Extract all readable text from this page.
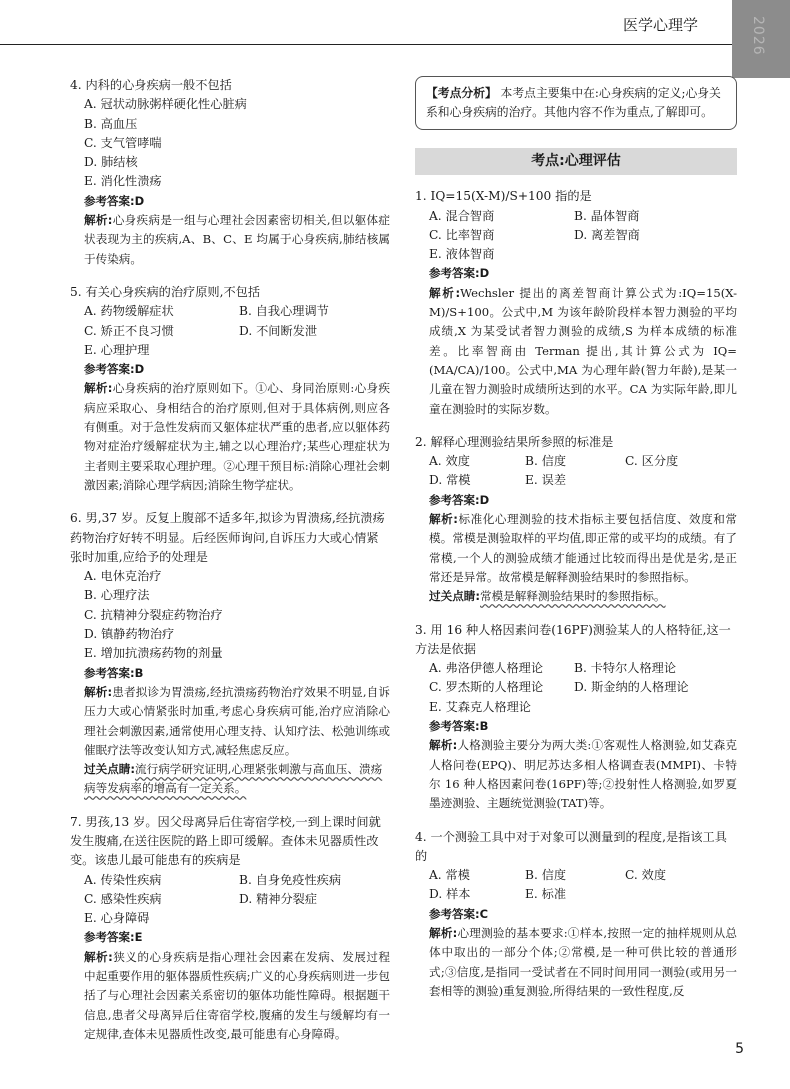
医学心理学	2026
4. 内科的心身疾病一般不包括
A. 冠状动脉粥样硬化性心脏病
B. 高血压
C. 支气管哮喘
D. 肺结核
E. 消化性溃疡
参考答案:D
解析:心身疾病是一组与心理社会因素密切相关,但以躯体症状表现为主的疾病,A、B、C、E 均属于心身疾病,肺结核属于传染病。
5. 有关心身疾病的治疗原则,不包括
A. 药物缓解症状	B. 自我心理调节
C. 矫正不良习惯	D. 不间断发泄
E. 心理护理
参考答案:D
解析:心身疾病的治疗原则如下。①心、身同治原则:心身疾病应采取心、身相结合的治疗原则,但对于具体病例,则应各有侧重。对于急性发病而又躯体症状严重的患者,应以躯体药物对症治疗缓解症状为主,辅之以心理治疗;某些心理症状为主者则主要采取心理护理。②心理干预目标:消除心理社会刺激因素;消除心理学病因;消除生物学症状。
6. 男,37 岁。反复上腹部不适多年,拟诊为胃溃疡,经抗溃疡药物治疗好转不明显。后经医师询问,自诉压力大或心情紧张时加重,应给予的处理是
A. 电休克治疗
B. 心理疗法
C. 抗精神分裂症药物治疗
D. 镇静药物治疗
E. 增加抗溃疡药物的剂量
参考答案:B
解析:患者拟诊为胃溃疡,经抗溃疡药物治疗效果不明显,自诉压力大或心情紧张时加重,考虑心身疾病可能,治疗应消除心理社会刺激因素,通常使用心理支持、认知疗法、松弛训练或催眠疗法等改变认知方式,减轻焦虑反应。
过关点睛:流行病学研究证明,心理紧张刺激与高血压、溃疡病等发病率的增高有一定关系。
7. 男孩,13 岁。因父母离异后住寄宿学校,一到上课时间就发生腹痛,在送往医院的路上即可缓解。查体未见器质性改变。该患儿最可能患有的疾病是
A. 传染性疾病	B. 自身免疫性疾病
C. 感染性疾病	D. 精神分裂症
E. 心身障碍
参考答案:E
解析:狭义的心身疾病是指心理社会因素在发病、发展过程中起重要作用的躯体器质性疾病;广义的心身疾病则进一步包括了与心理社会因素关系密切的躯体功能性障碍。根据题干信息,患者父母离异后住寄宿学校,腹痛的发生与缓解均有一定规律,查体未见器质性改变,最可能患有心身障碍。
【考点分析】 本考点主要集中在:心身疾病的定义;心身关系和心身疾病的治疗。其他内容不作为重点,了解即可。
考点:心理评估
1. IQ=15(X-M)/S+100 指的是
A. 混合智商	B. 晶体智商
C. 比率智商	D. 离差智商
E. 液体智商
参考答案:D
解析:Wechsler 提出的离差智商计算公式为:IQ=15(X-M)/S+100。公式中,M 为该年龄阶段样本智力测验的平均成绩,X 为某受试者智力测验的成绩,S 为样本成绩的标准差。比率智商由 Terman 提出,其计算公式为 IQ=(MA/CA)/100。公式中,MA 为心理年龄(智力年龄),是某一儿童在智力测验时成绩所达到的水平。CA 为实际年龄,即儿童在测验时的实际岁数。
2. 解释心理测验结果所参照的标准是
A. 效度	B. 信度	C. 区分度
D. 常模	E. 误差
参考答案:D
解析:标准化心理测验的技术指标主要包括信度、效度和常模。常模是测验取样的平均值,即正常的或平均的成绩。有了常模,一个人的测验成绩才能通过比较而得出是优是劣,是正常还是异常。故常模是解释测验结果时的参照指标。
过关点睛:常模是解释测验结果时的参照指标。
3. 用 16 种人格因素问卷(16PF)测验某人的人格特征,这一方法是依据
A. 弗洛伊德人格理论	B. 卡特尔人格理论
C. 罗杰斯的人格理论	D. 斯金纳的人格理论
E. 艾森克人格理论
参考答案:B
解析:人格测验主要分为两大类:①客观性人格测验,如艾森克人格问卷(EPQ)、明尼苏达多相人格调查表(MMPI)、卡特尔 16 种人格因素问卷(16PF)等;②投射性人格测验,如罗夏墨迹测验、主题统觉测验(TAT)等。
4. 一个测验工具中对于对象可以测量到的程度,是指该工具的
A. 常模	B. 信度	C. 效度
D. 样本	E. 标准
参考答案:C
解析:心理测验的基本要求:①样本,按照一定的抽样规则从总体中取出的一部分个体;②常模,是一种可供比较的普通形式;③信度,是指同一受试者在不同时间用同一测验(或用另一套相等的测验)重复测验,所得结果的一致性程度,反
5
